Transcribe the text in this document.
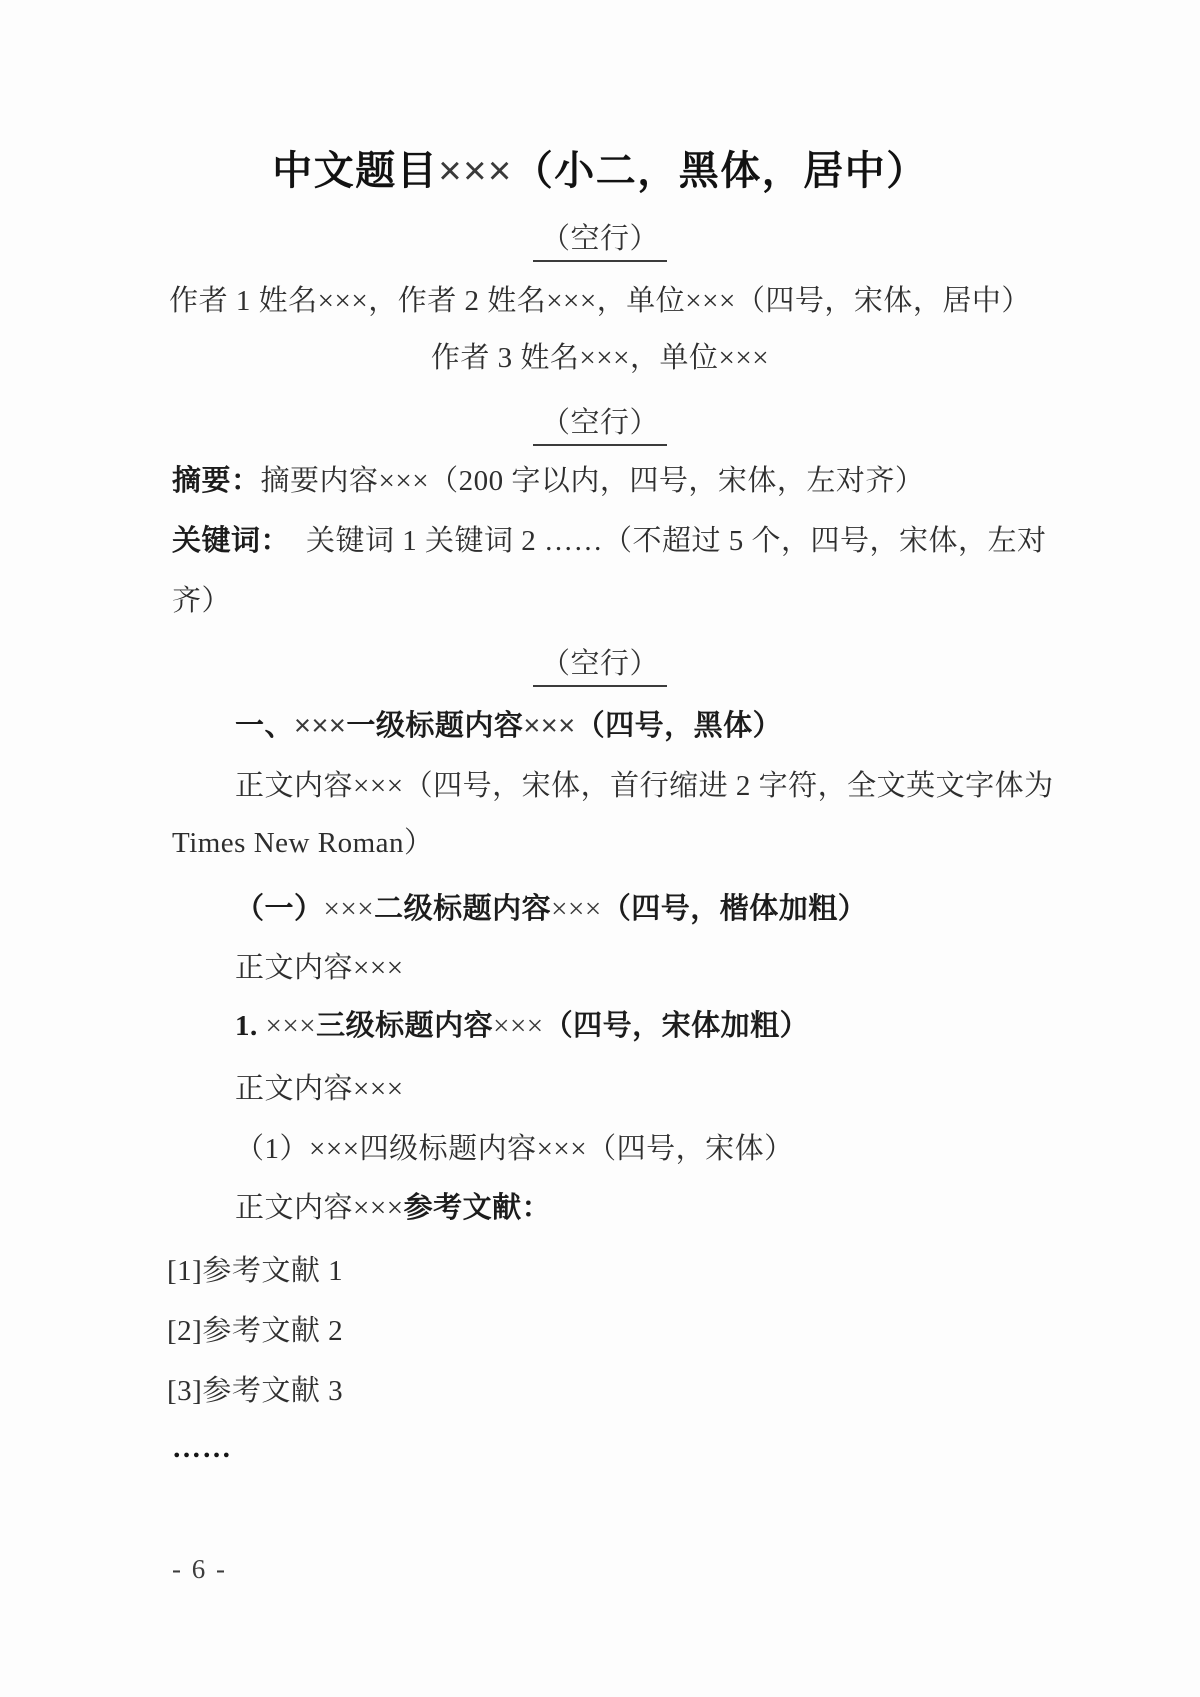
中文题目×××（小二，黑体，居中）
（空行）
作者 1 姓名×××，作者 2 姓名×××，单位×××（四号，宋体，居中）
作者 3 姓名×××，单位×××
（空行）
摘要：摘要内容×××（200 字以内，四号，宋体，左对齐）
关键词： 关键词 1 关键词 2 ……（不超过 5 个，四号，宋体，左对
齐）
（空行）
一、×××一级标题内容×××（四号，黑体）
正文内容×××（四号，宋体，首行缩进 2 字符，全文英文字体为
Times New Roman）
（一）×××二级标题内容×××（四号，楷体加粗）
正文内容×××
1. ×××三级标题内容×××（四号，宋体加粗）
正文内容×××
（1）×××四级标题内容×××（四号，宋体）
正文内容×××参考文献：
[1]参考文献 1
[2]参考文献 2
[3]参考文献 3
……
- 6 -
